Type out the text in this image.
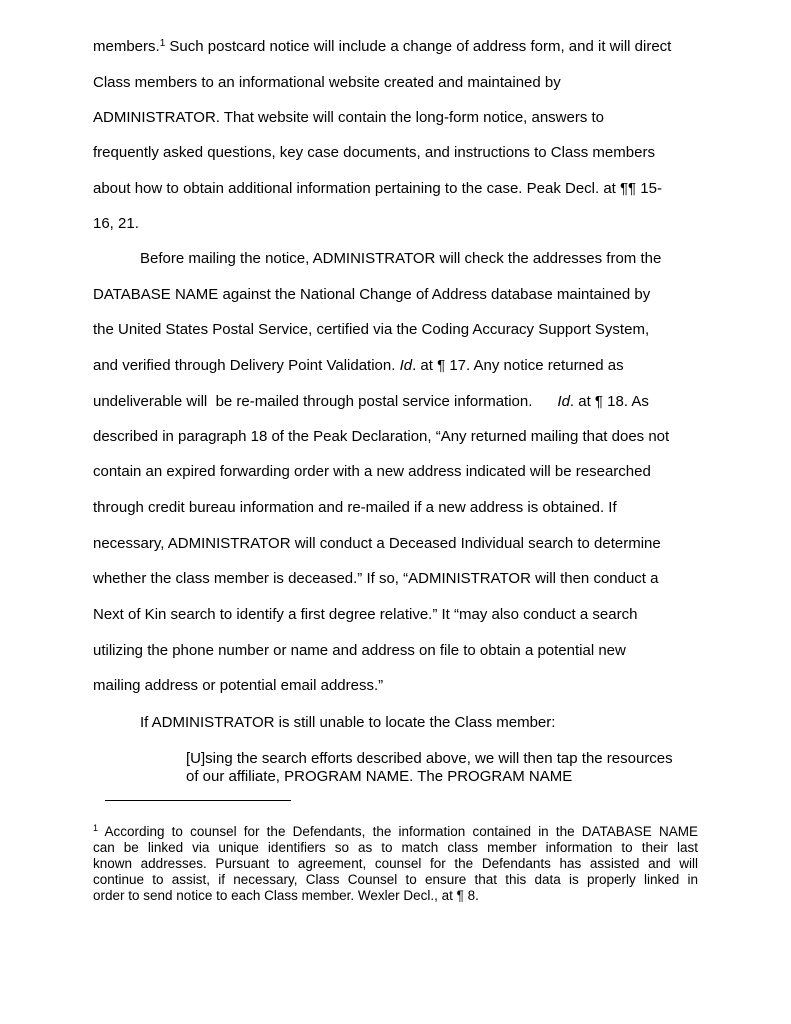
members.$^1$ Such postcard notice will include a change of address form, and it will direct
Class members to an informational website created and maintained by
ADMINISTRATOR. That website will contain the long-form notice, answers to
frequently asked questions, key case documents, and instructions to Class members
about how to obtain additional information pertaining to the case. Peak Decl. at ¶¶ 15-
16, 21.
Before mailing the notice, ADMINISTRATOR will check the addresses from the
DATABASE NAME against the National Change of Address database maintained by
the United States Postal Service, certified via the Coding Accuracy Support System,
and verified through Delivery Point Validation. Id. at ¶ 17. Any notice returned as
undeliverable will  be re-mailed through postal service information.      Id. at ¶ 18. As
described in paragraph 18 of the Peak Declaration, “Any returned mailing that does not
contain an expired forwarding order with a new address indicated will be researched
through credit bureau information and re-mailed if a new address is obtained. If
necessary, ADMINISTRATOR will conduct a Deceased Individual search to determine
whether the class member is deceased.” If so, “ADMINISTRATOR will then conduct a
Next of Kin search to identify a first degree relative.” It “may also conduct a search
utilizing the phone number or name and address on file to obtain a potential new
mailing address or potential email address.”
If ADMINISTRATOR is still unable to locate the Class member:
[U]sing the search efforts described above, we will then tap the resources
of our affiliate, PROGRAM NAME. The PROGRAM NAME
$^1$ According to counsel for the Defendants, the information contained in the DATABASE NAME
can be linked via unique identifiers so as to match class member information to their last
known addresses. Pursuant to agreement, counsel for the Defendants has assisted and will
continue to assist, if necessary, Class Counsel to ensure that this data is properly linked in
order to send notice to each Class member. Wexler Decl., at ¶ 8.
